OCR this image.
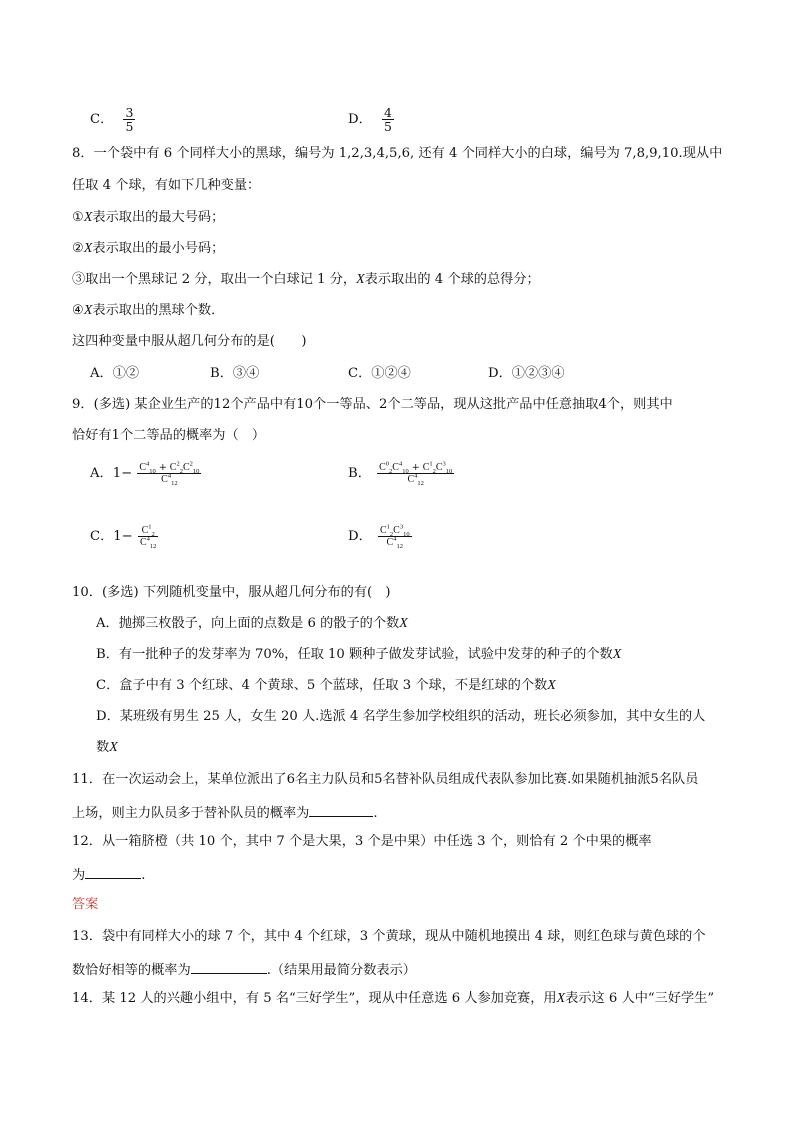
C． $\frac{3}{5}$	D． $\frac{4}{5}$
8．一个袋中有 6 个同样大小的黑球，编号为 1,2,3,4,5,6, 还有 4 个同样大小的白球，编号为 7,8,9,10.现从中
任取 4 个球，有如下几种变量：
①X表示取出的最大号码；
②X表示取出的最小号码；
③取出一个黑球记 2 分，取出一个白球记 1 分，X表示取出的 4 个球的总得分；
④X表示取出的黑球个数．
这四种变量中服从超几何分布的是(　　)
A．①②	B．③④	C．①②④	D．①②③④
9．(多选) 某企业生产的12个产品中有10个一等品、2个二等品，现从这批产品中任意抽取4个，则其中
恰好有1个二等品的概率为（　）
A．$1- \frac{C^4_{10} + C^2_2C^2_{10}}{C^4_{12}}$	B． $\frac{C^0_2C^4_{10} + C^1_2C^3_{10}}{C^4_{12}}$
C．$1- \frac{C^1_2}{C^4_{12}}$	D． $\frac{C^1_2C^3_{10}}{C^4_{12}}$
10．(多选) 下列随机变量中，服从超几何分布的有(　)
A．抛掷三枚骰子，向上面的点数是 6 的骰子的个数X
B．有一批种子的发芽率为 70%，任取 10 颗种子做发芽试验，试验中发芽的种子的个数X
C．盒子中有 3 个红球、4 个黄球、5 个蓝球，任取 3 个球，不是红球的个数X
D．某班级有男生 25 人，女生 20 人.选派 4 名学生参加学校组织的活动，班长必须参加，其中女生的人
数X
11．在一次运动会上，某单位派出了6名主力队员和5名替补队员组成代表队参加比赛.如果随机抽派5名队员
上场，则主力队员多于替补队员的概率为	.
12．从一箱脐橙（共 10 个，其中 7 个是大果，3 个是中果）中任选 3 个，则恰有 2 个中果的概率
为	.
答案
13．袋中有同样大小的球 7 个，其中 4 个红球，3 个黄球，现从中随机地摸出 4 球，则红色球与黄色球的个
数恰好相等的概率为	.（结果用最简分数表示）
14．某 12 人的兴趣小组中，有 5 名“三好学生”，现从中任意选 6 人参加竞赛，用X表示这 6 人中“三好学生”
